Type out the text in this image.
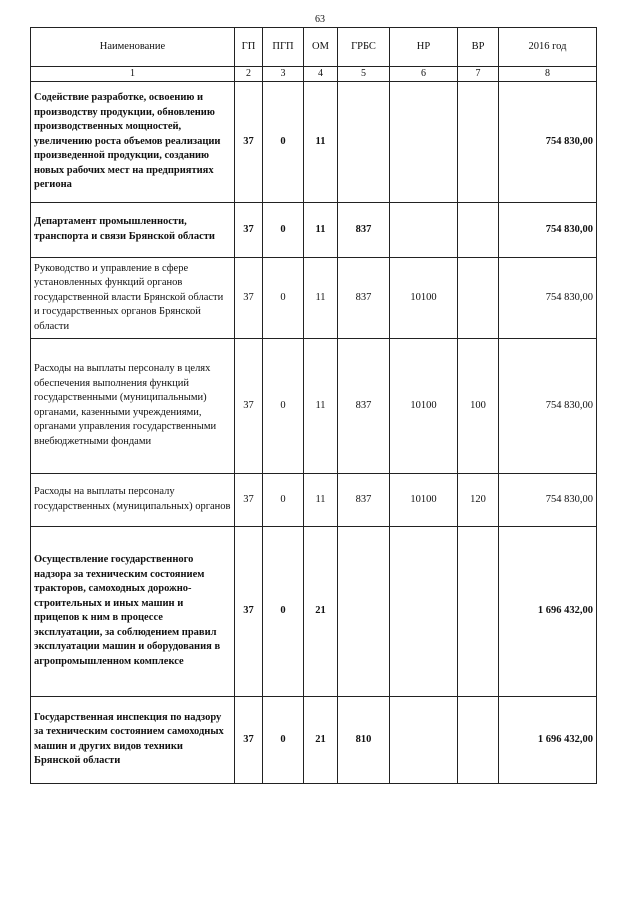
63
Наименование	ГП	ПГП	ОМ	ГРБС	НР	ВР	2016 год
1	2	3	4	5	6	7	8
Содействие разработке, освоению и производству продукции, обновлению производственных мощностей, увеличению роста объемов реализации произведенной продукции, созданию новых рабочих мест на предприятиях региона	37	0	11				754 830,00
Департамент промышленности, транспорта и связи Брянской области	37	0	11	837			754 830,00
Руководство и управление в сфере установленных функций органов государственной власти Брянской области и государственных органов Брянской области	37	0	11	837	10100		754 830,00
Расходы на выплаты персоналу в целях обеспечения выполнения функций государственными (муниципальными) органами, казенными учреждениями, органами управления государственными внебюджетными фондами	37	0	11	837	10100	100	754 830,00
Расходы на выплаты персоналу государственных (муниципальных) органов	37	0	11	837	10100	120	754 830,00
Осуществление государственного надзора за техническим состоянием тракторов, самоходных дорожно-строительных и иных машин и прицепов к ним в процессе эксплуатации, за соблюдением правил эксплуатации машин и оборудования в агропромышленном комплексе	37	0	21				1 696 432,00
Государственная инспекция по надзору за техническим состоянием самоходных машин и других видов техники Брянской области	37	0	21	810			1 696 432,00
